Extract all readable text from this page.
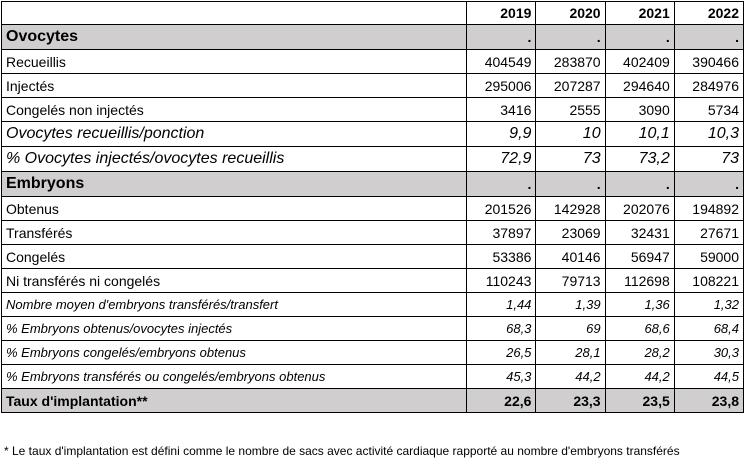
	2019	2020	2021	2022
Ovocytes	.	.	.	.
Recueillis	404549	283870	402409	390466
Injectés	295006	207287	294640	284976
Congelés non injectés	3416	2555	3090	5734
Ovocytes recueillis/ponction	9,9	10	10,1	10,3
% Ovocytes injectés/ovocytes recueillis	72,9	73	73,2	73
Embryons	.	.	.	.
Obtenus	201526	142928	202076	194892
Transférés	37897	23069	32431	27671
Congelés	53386	40146	56947	59000
Ni transférés ni congelés	110243	79713	112698	108221
Nombre moyen d'embryons transférés/transfert	1,44	1,39	1,36	1,32
% Embryons obtenus/ovocytes injectés	68,3	69	68,6	68,4
% Embryons congelés/embryons obtenus	26,5	28,1	28,2	30,3
% Embryons transférés ou congelés/embryons obtenus	45,3	44,2	44,2	44,5
Taux d'implantation**	22,6	23,3	23,5	23,8
* Le taux d'implantation est défini comme le nombre de sacs avec activité cardiaque rapporté au nombre d'embryons transférés
